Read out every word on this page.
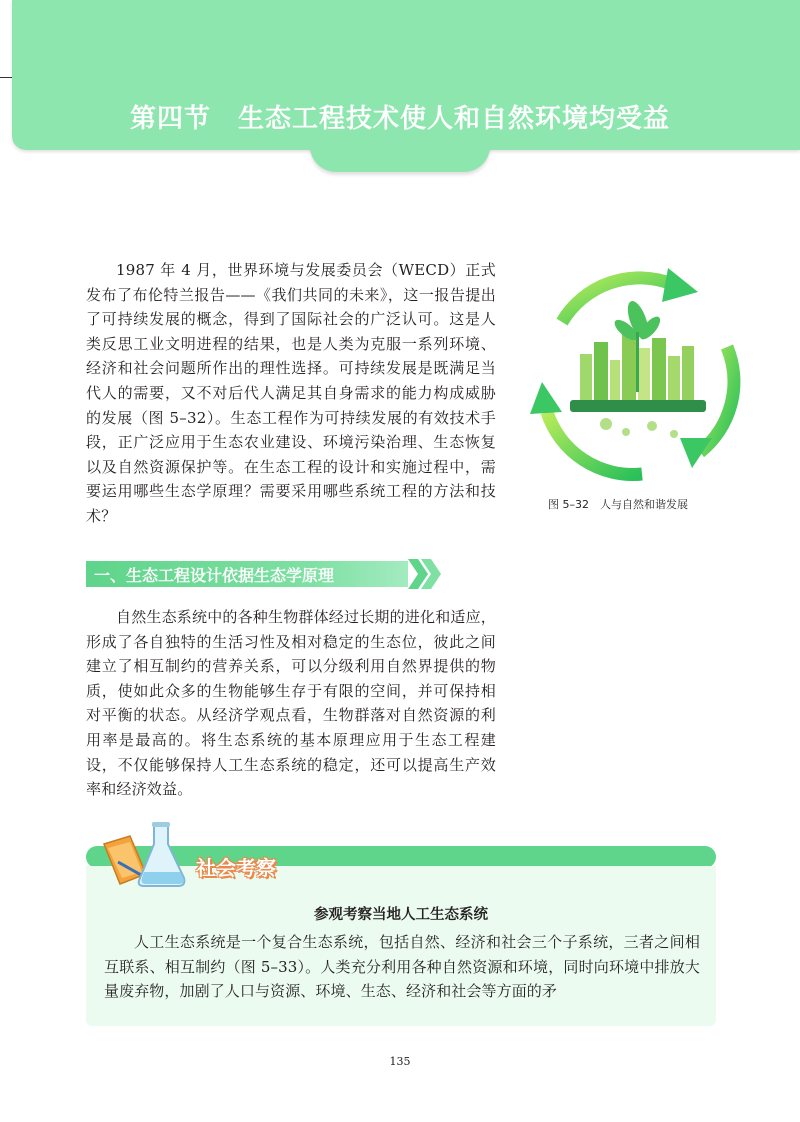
第四节　生态工程技术使人和自然环境均受益
1987 年 4 月，世界环境与发展委员会（WECD）正式发布了布伦特兰报告——《我们共同的未来》，这一报告提出了可持续发展的概念，得到了国际社会的广泛认可。这是人类反思工业文明进程的结果，也是人类为克服一系列环境、经济和社会问题所作出的理性选择。可持续发展是既满足当代人的需要，又不对后代人满足其自身需求的能力构成威胁的发展（图 5–32）。生态工程作为可持续发展的有效技术手段，正广泛应用于生态农业建设、环境污染治理、生态恢复以及自然资源保护等。在生态工程的设计和实施过程中，需要运用哪些生态学原理？需要采用哪些系统工程的方法和技术？
图 5–32　人与自然和谐发展
一、生态工程设计依据生态学原理
自然生态系统中的各种生物群体经过长期的进化和适应，形成了各自独特的生活习性及相对稳定的生态位，彼此之间建立了相互制约的营养关系，可以分级利用自然界提供的物质，使如此众多的生物能够生存于有限的空间，并可保持相对平衡的状态。从经济学观点看，生物群落对自然资源的利用率是最高的。将生态系统的基本原理应用于生态工程建设，不仅能够保持人工生态系统的稳定，还可以提高生产效率和经济效益。
社会考察
参观考察当地人工生态系统
人工生态系统是一个复合生态系统，包括自然、经济和社会三个子系统，三者之间相互联系、相互制约（图 5–33）。人类充分利用各种自然资源和环境，同时向环境中排放大量废弃物，加剧了人口与资源、环境、生态、经济和社会等方面的矛
135
